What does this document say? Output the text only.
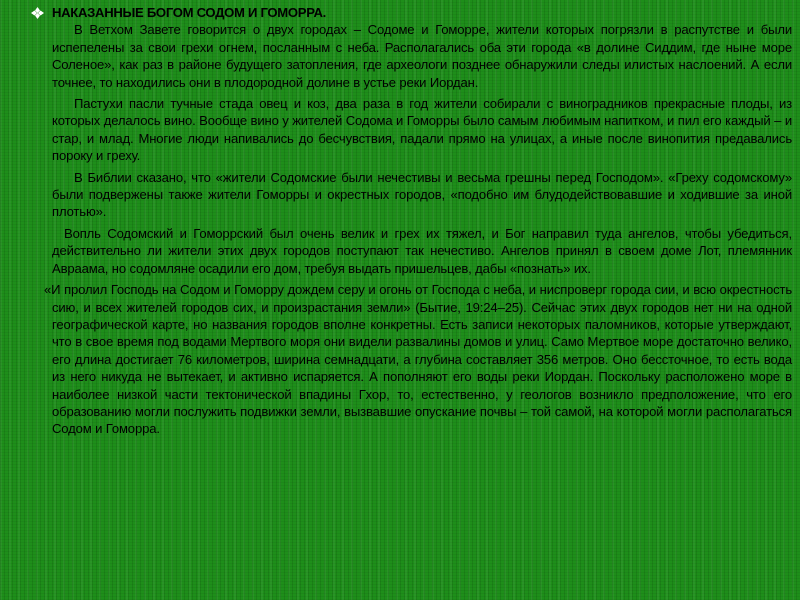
НАКАЗАННЫЕ БОГОМ СОДОМ И ГОМОРРА.

В Ветхом Завете говорится о двух городах – Содоме и Гоморре, жители которых погрязли в распутстве и были испепелены за свои грехи огнем, посланным с неба. Располагались оба эти города «в долине Сиддим, где ныне море Соленое», как раз в районе будущего затопления, где археологи позднее обнаружили следы илистых наслоений. А если точнее, то находились они в плодородной долине в устье реки Иордан.

Пастухи пасли тучные стада овец и коз, два раза в год жители собирали с виноградников прекрасные плоды, из которых делалось вино. Вообще вино у жителей Содома и Гоморры было самым любимым напитком, и пил его каждый – и стар, и млад. Многие люди напивались до бесчувствия, падали прямо на улицах, а иные после винопития предавались пороку и греху.

В Библии сказано, что «жители Содомские были нечестивы и весьма грешны перед Господом». «Греху содомскому» были подвержены также жители Гоморры и окрестных городов, «подобно им блудодействовавшие и ходившие за иной плотью».

Вопль Содомский и Гоморрский был очень велик и грех их тяжел, и Бог направил туда ангелов, чтобы убедиться, действительно ли жители этих двух городов поступают так нечестиво. Ангелов принял в своем доме Лот, племянник Авраама, но содомляне осадили его дом, требуя выдать пришельцев, дабы «познать» их.

«И пролил Господь на Содом и Гоморру дождем серу и огонь от Господа с неба, и ниспроверг города сии, и всю окрестность сию, и всех жителей городов сих, и произрастания земли» (Бытие, 19:24–25). Сейчас этих двух городов нет ни на одной географической карте, но названия городов вполне конкретны. Есть записи некоторых паломников, которые утверждают, что в свое время под водами Мертвого моря они видели развалины домов и улиц. Само Мертвое море достаточно велико, его длина достигает 76 километров, ширина семнадцати, а глубина составляет 356 метров. Оно бессточное, то есть вода из него никуда не вытекает, и активно испаряется. А пополняют его воды реки Иордан. Поскольку расположено море в наиболее низкой части тектонической впадины Гхор, то, естественно, у геологов возникло предположение, что его образованию могли послужить подвижки земли, вызвавшие опускание почвы – той самой, на которой могли располагаться Содом и Гоморра.
